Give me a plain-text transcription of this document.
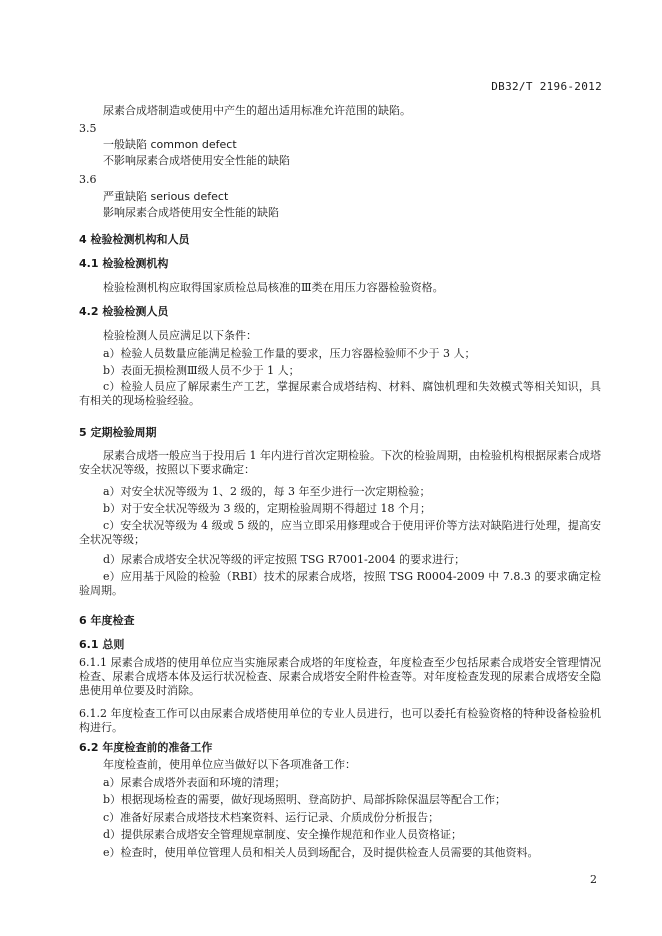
DB32/T 2196-2012
尿素合成塔制造或使用中产生的超出适用标准允许范围的缺陷。
3.5
一般缺陷 common defect
不影响尿素合成塔使用安全性能的缺陷
3.6
严重缺陷 serious defect
影响尿素合成塔使用安全性能的缺陷
4 检验检测机构和人员
4.1 检验检测机构
检验检测机构应取得国家质检总局核准的Ⅲ类在用压力容器检验资格。
4.2 检验检测人员
检验检测人员应满足以下条件：
a）检验人员数量应能满足检验工作量的要求，压力容器检验师不少于 3 人；
b）表面无损检测Ⅲ级人员不少于 1 人；
c）检验人员应了解尿素生产工艺，掌握尿素合成塔结构、材料、腐蚀机理和失效模式等相关知识，具有相关的现场检验经验。
5 定期检验周期
尿素合成塔一般应当于投用后 1 年内进行首次定期检验。下次的检验周期，由检验机构根据尿素合成塔安全状况等级，按照以下要求确定：
a）对安全状况等级为 1、2 级的，每 3 年至少进行一次定期检验；
b）对于安全状况等级为 3 级的，定期检验周期不得超过 18 个月；
c）安全状况等级为 4 级或 5 级的，应当立即采用修理或合于使用评价等方法对缺陷进行处理，提高安全状况等级；
d）尿素合成塔安全状况等级的评定按照 TSG R7001-2004 的要求进行；
e）应用基于风险的检验（RBI）技术的尿素合成塔，按照 TSG R0004-2009 中 7.8.3 的要求确定检验周期。
6 年度检查
6.1 总则
6.1.1 尿素合成塔的使用单位应当实施尿素合成塔的年度检查，年度检查至少包括尿素合成塔安全管理情况检查、尿素合成塔本体及运行状况检查、尿素合成塔安全附件检查等。对年度检查发现的尿素合成塔安全隐患使用单位要及时消除。
6.1.2 年度检查工作可以由尿素合成塔使用单位的专业人员进行，也可以委托有检验资格的特种设备检验机构进行。
6.2 年度检查前的准备工作
年度检查前，使用单位应当做好以下各项准备工作：
a）尿素合成塔外表面和环境的清理；
b）根据现场检查的需要，做好现场照明、登高防护、局部拆除保温层等配合工作；
c）准备好尿素合成塔技术档案资料、运行记录、介质成份分析报告；
d）提供尿素合成塔安全管理规章制度、安全操作规范和作业人员资格证；
e）检查时，使用单位管理人员和相关人员到场配合，及时提供检查人员需要的其他资料。
2
